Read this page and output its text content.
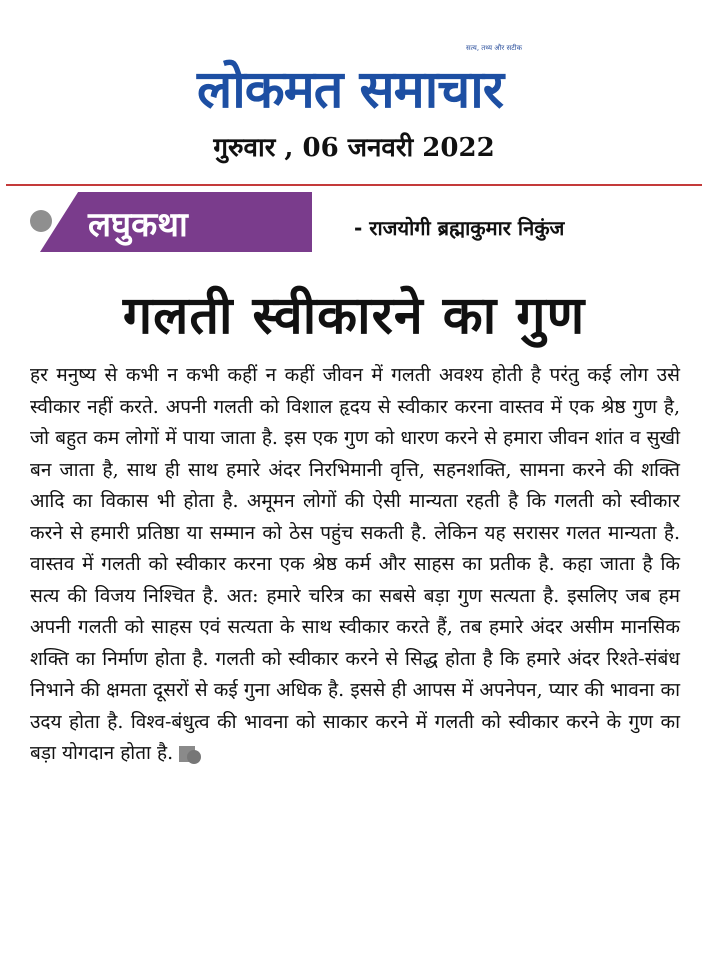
सत्य, तथ्य और सटीक
लोकमत समाचार
गुरुवार , 06 जनवरी 2022
लघुकथा	- राजयोगी ब्रह्माकुमार निकुंज
गलती स्वीकारने का गुण
हर मनुष्य से कभी न कभी कहीं न कहीं जीवन में गलती अवश्य होती है परंतु कई लोग उसे स्वीकार नहीं करते. अपनी गलती को विशाल हृदय से स्वीकार करना वास्तव में एक श्रेष्ठ गुण है, जो बहुत कम लोगों में पाया जाता है. इस एक गुण को धारण करने से हमारा जीवन शांत व सुखी बन जाता है, साथ ही साथ हमारे अंदर निरभिमानी वृत्ति, सहनशक्ति, सामना करने की शक्ति आदि का विकास भी होता है. अमूमन लोगों की ऐसी मान्यता रहती है कि गलती को स्वीकार करने से हमारी प्रतिष्ठा या सम्मान को ठेस पहुंच सकती है. लेकिन यह सरासर गलत मान्यता है. वास्तव में गलती को स्वीकार करना एक श्रेष्ठ कर्म और साहस का प्रतीक है. कहा जाता है कि सत्य की विजय निश्चित है. अत: हमारे चरित्र का सबसे बड़ा गुण सत्यता है. इसलिए जब हम अपनी गलती को साहस एवं सत्यता के साथ स्वीकार करते हैं, तब हमारे अंदर असीम मानसिक शक्ति का निर्माण होता है. गलती को स्वीकार करने से सिद्ध होता है कि हमारे अंदर रिश्ते-संबंध निभाने की क्षमता दूसरों से कई गुना अधिक है. इससे ही आपस में अपनेपन, प्यार की भावना का उदय होता है. विश्व-बंधुत्व की भावना को साकार करने में गलती को स्वीकार करने के गुण का बड़ा योगदान होता है.
